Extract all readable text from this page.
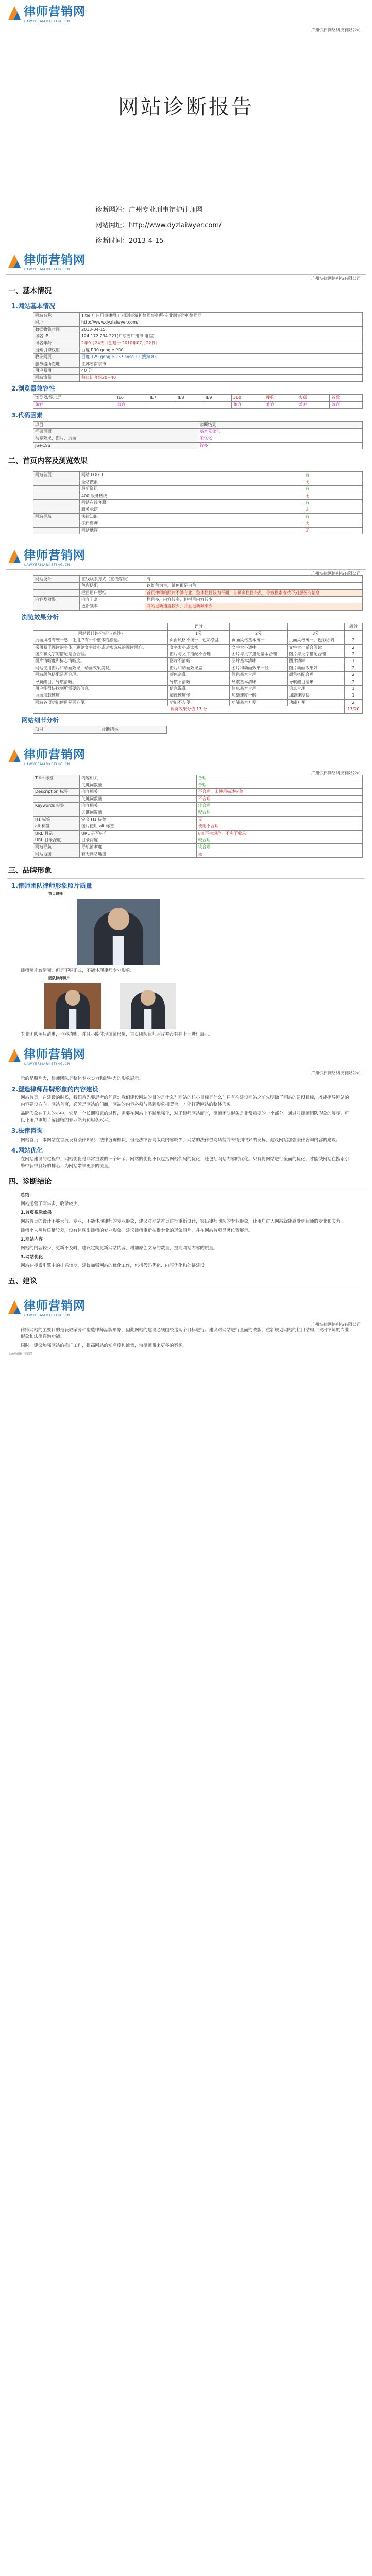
律师营销网
LAWYERMARKETING.CN
广州快律网络科技有限公司
网站诊断报告
诊断网站：广州专业刑事辩护律师网
网站网址：http://www.dyzlaiwyer.com/
诊断时间：2013-4-15
律师营销网
LAWYERMARKETING.CN
广州快律网络科技有限公司
一、基本情况
1.网站基本情况
网站名称	Title:广州刑事律师|广州刑事辩护律师事务所-专业刑事辩护律师网
网址	http://www.dyzlaiwyer.com/
数据收集时间	2013-04-15
域名 IP	124.172.234.221[广东省广州市 电信]
域名年龄	2年9月24天（创建于 2010年07月22日）
搜索引擎权重	百度 PR0 google PR0
收录网页	百度 129 google 257 soso 12 搜狗 83
服务器所在地	江苏省南京市
用户易用	40 分
网站流量	每日访客约20~40
2.浏览器兼容性
浏览器/显示屏	IE6	IE7	IE8	IE9	360	搜狗	火狐	谷歌
兼容	兼容				兼容	兼容	兼容	兼容
3.代码因素
项目	诊断结果
框架页面	基本无优化
动态效果、图片、页面	采优化
JS+CSS	较多
二、首页内容及浏览效果
网站首页	网站 LOGO	有
	全站搜索	无
	最新资讯	有
	400 服务热线	无
	网站在线客服	有
	服务承诺	无
网站导航	法律知识	有
	法律咨询	无
	网站地图	无
律师营销网
LAWYERMARKETING.CN
广州快律网络科技有限公司
网站设计	在线联系方式（在线客服）	有
	色彩搭配	以红色为主，辅色都是白色
	栏目用户思维	首页律师的照片不够专业，整体栏目较为平面，首页多栏目杂乱，导致搜索者找不到想要的信息
内容及效果	内容丰富	栏目多，内容较多，但栏目内容较少。
	更新频率	网站更新速度较少，并且更新频率少
浏览效果分析
	评分			满分
网站设计评分标准(备注)	1分	2分	3分	
页面风格有统一感，让用户有一个整体的感觉。	页面风格不统一，色彩杂乱	页面风格基本统一	页面风格统一，色彩协调	2
采用易于阅读的字体，避免文字过小或过密造成的阅读困难。	文字太小或太密	文字大小适中	文字大小适合阅读	2
图片和文字的搭配是否合理。	图片与文字搭配不合理	图片与文字搭配基本合理	图片与文字搭配合理	2
图片清晰度和标志清晰度。	图片不清晰	图片基本清晰	图片清晰	1
网站使用图片和动画效果，动画效果美观。	图片和动画效果差	图片和动画效果一般	图片动画效果好	2
网站颜色搭配是否合理。	颜色杂乱	颜色基本合理	颜色搭配合理	2
导航醒目，导航清晰。	导航不清晰	导航基本清晰	导航醒目清晰	2
用户能很快找到所需要的信息。	信息混乱	信息基本合理	信息合理	1
页面加载速度。	加载速度慢	加载速度一般	加载速度快	1
网站各项功能使用是否方便。	功能不方便	功能基本方便	功能方便	2
视觉效果分值 17 分				17/20
网站细节分析
项目	诊断结果
律师营销网
LAWYERMARKETING.CN
广州快律网络科技有限公司
Title 标签	内容相关	合理
	关键词数量	合理
Description 标签	内容相关	不合理，未使用描述标签
	关键词数量	不合理
Keywords 标签	内容相关	较合理
	关键词数量	较合理
H1 标签	定义 H1 标签	无
alt 标签	图片使用 alt 标签	使用不合理
URL 目录	URL 是否标准	url 不太规范，不利于收录
URL 目录深度	目录深度	较合理
网站导航	导航清晰度	较合理
网站地图	有无网站地图	无
三、品牌形象
1.律师团队律师形象照片质量
首页律师
律师照片较清晰，但是不够正式，不能体现律师专业形象。
团队律师照片
专业团队照片清晰，不够清晰，并且不能体现律师形象，首页团队律师照片并没有在上面进行展示。
律师营销网
LAWYERMARKETING.CN
广州快律网络科技有限公司
示的是照片大，律师团队是整体专业实力和影响力的形象展示。
2.塑造律师品牌形象的内容建设
网站首页，在建设的时候，我们首先要思考的问题：我们建设网站的目的是什么？网站的核心目标是什么？只有在建设网站之前先明确了网站的建设目标，才能指导网站的内容建设方向。网站首页，必须是网站的门面，网站的内容必须与品牌形象相契合，才能打造网站的整体形象。
品牌形象在于人的心中，它是一个长期积累的过程，需要在网站上不断地强化，对于律师网站而言，律师团队形象是非常重要的一个部分，通过对律师团队形象的展示，可以让用户更加了解律师的专业能力和服务水平。
3.法律咨询
网站首页，本网站在首页设有法律知识、法律咨询模块，但是法律咨询版块内容较少，网站的法律咨询功能并未得到很好的发挥，建议网站加强法律咨询内容的建设。
4.网站优化
在网站建设的过程中，网站优化是非常重要的一个环节。网站的优化不仅包括网站代码的优化，还包括网站内容的优化。只有将网站进行全面的优化，才能使网站在搜索引擎中获得良好的排名，为网站带来更多的流量。
四、诊断结论
总结：
网站运营了两年多，收录较少。
1.首页视觉效果
网站首页的设计不够大气、专业，不能体现律师的专业形象，建议对网站首页进行重新设计，突出律师团队的专业形象，让用户进入网站就能感受到律师的专业和实力。
律师个人照片质量较差，没有体现出律师的专业形象。建议律师重新拍摄专业的形象照片，并在网站首页显著位置展示。
2.网站内容
网站的内容较少，更新不及时，建议定期更新网站内容，增加原创文章的数量，提高网站内容的质量。
3.网站优化
网站在搜索引擎中的排名较差，建议加强网站的优化工作，包括代码优化、内容优化和外链建设。
五、建议
律师营销网
LAWYERMARKETING.CN
广州快律网络科技有限公司
律师网站的主要目的是获取案源和塑造律师品牌形象，因此网站的建设必须围绕这两个目标进行。建议对网站进行全面的改版，重新规划网站的栏目结构，突出律师的专业形象和法律咨询功能。
同时，建议加强网站的推广工作，提高网站的知名度和流量，为律师带来更多的案源。
LAWYER 营销网
